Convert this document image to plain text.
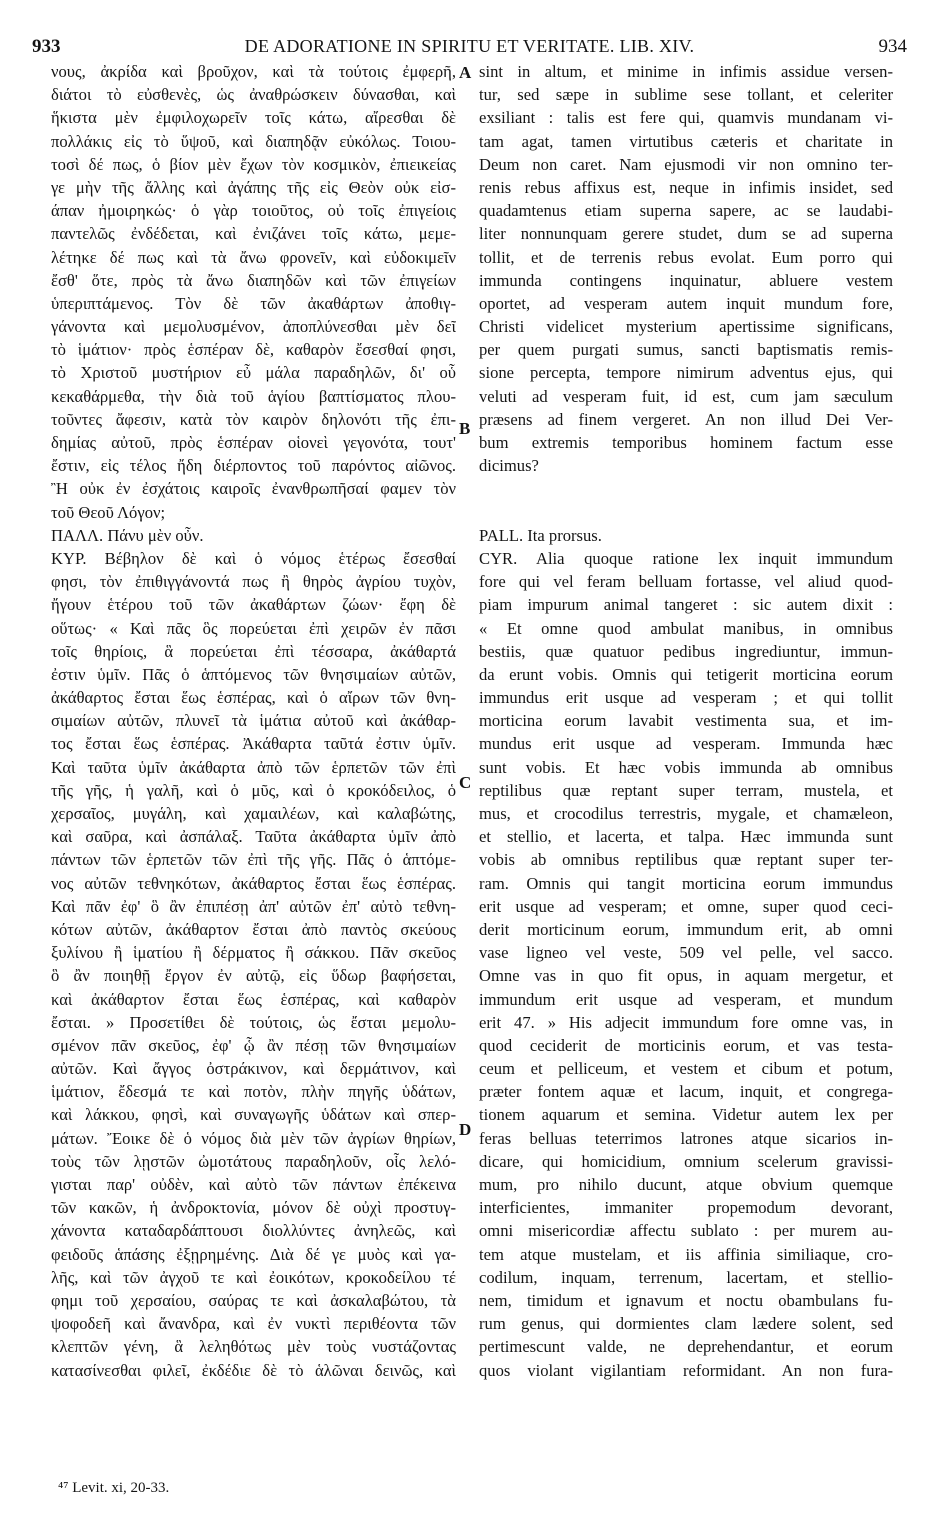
933	DE ADORATIONE IN SPIRITU ET VERITATE. LIB. XIV.	934
νους, ἀκρίδα καὶ βροῦχον, καὶ τὰ τούτοις ἐμφερῆ,
διάτοι τὸ εὐσθενὲς, ὡς ἀναθρώσκειν δύνασθαι, καὶ
ἥκιστα μὲν ἐμφιλοχωρεῖν τοῖς κάτω, αἴρεσθαι δὲ
πολλάκις εἰς τὸ ὕψοῦ, καὶ διαπηδᾷν εὐκόλως. Τοιου-
τοσὶ δέ πως, ὁ βίον μὲν ἔχων τὸν κοσμικὸν, ἐπιεικείας
γε μὴν τῆς ἄλλης καὶ ἀγάπης τῆς εἰς Θεὸν οὐκ εἰσ-
άπαν ἠμοιρηκώς· ὁ γὰρ τοιοῦτος, οὐ τοῖς ἐπιγείοις
παντελῶς ἐνδέδεται, καὶ ἐνιζάνει τοῖς κάτω, μεμε-
λέτηκε δέ πως καὶ τὰ ἄνω φρονεῖν, καὶ εὐδοκιμεῖν
ἔσθ' ὅτε, πρὸς τὰ ἄνω διαπηδῶν καὶ τῶν ἐπιγείων
ὑπεριπτάμενος. Τὸν δὲ τῶν ἀκαθάρτων ἀποθιγ-
γάνοντα καὶ μεμολυσμένον, ἀποπλύνεσθαι μὲν δεῖ
τὸ ἱμάτιον· πρὸς ἑσπέραν δὲ, καθαρὸν ἔσεσθαί φησι,
τὸ Χριστοῦ μυστήριον εὖ μάλα παραδηλῶν, δι' οὗ
κεκαθάρμεθα, τὴν διὰ τοῦ ἁγίου βαπτίσματος πλου-
τοῦντες ἄφεσιν, κατὰ τὸν καιρὸν δηλονότι τῆς ἐπι-
δημίας αὐτοῦ, πρὸς ἑσπέραν οἱονεὶ γεγονότα, τουτ'
ἔστιν, εἰς τέλος ἤδη διέρποντος τοῦ παρόντος αἰῶνος.
Ἢ οὐκ ἐν ἐσχάτοις καιροῖς ἐνανθρωπῆσαί φαμεν τὸν
τοῦ Θεοῦ Λόγον;
ΠΑΛΛ. Πάνυ μὲν οὖν.
ΚΥΡ. Βέβηλον δὲ καὶ ὁ νόμος ἑτέρως ἔσεσθαί
φησι, τὸν ἐπιθιγγάνοντά πως ἢ θηρὸς ἀγρίου τυχὸν,
ἤγουν ἑτέρου τοῦ τῶν ἀκαθάρτων ζώων· ἔφη δὲ
οὕτως· « Καὶ πᾶς ὃς πορεύεται ἐπὶ χειρῶν ἐν πᾶσι
τοῖς θηρίοις, ἃ πορεύεται ἐπὶ τέσσαρα, ἀκάθαρτά
ἐστιν ὑμῖν. Πᾶς ὁ ἁπτόμενος τῶν θνησιμαίων αὐτῶν,
ἀκάθαρτος ἔσται ἕως ἑσπέρας, καὶ ὁ αἴρων τῶν θνη-
σιμαίων αὐτῶν, πλυνεῖ τὰ ἱμάτια αὐτοῦ καὶ ἀκάθαρ-
τος ἔσται ἕως ἑσπέρας. Ἀκάθαρτα ταῦτά ἐστιν ὑμῖν.
Καὶ ταῦτα ὑμῖν ἀκάθαρτα ἀπὸ τῶν ἑρπετῶν τῶν ἐπὶ
τῆς γῆς, ἡ γαλῆ, καὶ ὁ μῦς, καὶ ὁ κροκόδειλος, ὁ
χερσαῖος, μυγάλη, καὶ χαμαιλέων, καὶ καλαβώτης,
καὶ σαῦρα, καὶ ἀσπάλαξ. Ταῦτα ἀκάθαρτα ὑμῖν ἀπὸ
πάντων τῶν ἑρπετῶν τῶν ἐπὶ τῆς γῆς. Πᾶς ὁ ἁπτόμε-
νος αὐτῶν τεθνηκότων, ἀκάθαρτος ἔσται ἕως ἑσπέρας.
Καὶ πᾶν ἐφ' ὃ ἂν ἐπιπέσῃ ἀπ' αὐτῶν ἐπ' αὐτὸ τεθνη-
κότων αὐτῶν, ἀκάθαρτον ἔσται ἀπὸ παντὸς σκεύους
ξυλίνου ἢ ἱματίου ἢ δέρματος ἢ σάκκου. Πᾶν σκεῦος
ὃ ἂν ποιηθῇ ἔργον ἐν αὐτῷ, εἰς ὕδωρ βαφήσεται,
καὶ ἀκάθαρτον ἔσται ἕως ἑσπέρας, καὶ καθαρὸν
ἔσται. » Προσετίθει δὲ τούτοις, ὡς ἔσται μεμολυ-
σμένον πᾶν σκεῦος, ἐφ' ᾧ ἂν πέσῃ τῶν θνησιμαίων
αὐτῶν. Καὶ ἄγγος ὀστράκινον, καὶ δερμάτινον, καὶ
ἱμάτιον, ἔδεσμά τε καὶ ποτὸν, πλὴν πηγῆς ὑδάτων,
καὶ λάκκου, φησὶ, καὶ συναγωγῆς ὑδάτων καὶ σπερ-
μάτων. Ἔοικε δὲ ὁ νόμος διὰ μὲν τῶν ἀγρίων θηρίων,
τοὺς τῶν λῃστῶν ὠμοτάτους παραδηλοῦν, οἷς λελό-
γισται παρ' οὐδὲν, καὶ αὐτὸ τῶν πάντων ἐπέκεινα
τῶν κακῶν, ἡ ἀνδροκτονία, μόνον δὲ οὐχὶ προστυγ-
χάνοντα καταδαρδάπτουσι διολλύντες ἀνηλεῶς, καὶ
φειδοῦς ἁπάσης ἐξῃρημένης. Διὰ δέ γε μυὸς καὶ γα-
λῆς, καὶ τῶν ἀγχοῦ τε καὶ ἐοικότων, κροκοδείλου τέ
φημι τοῦ χερσαίου, σαύρας τε καὶ ἀσκαλαβώτου, τὰ
ψοφοδεῆ καὶ ἄνανδρα, καὶ ἐν νυκτὶ περιθέοντα τῶν
κλεπτῶν γένη, ἃ λεληθότως μὲν τοὺς νυστάζοντας
κατασίνεσθαι φιλεῖ, ἐκδέδιε δὲ τὸ ἁλῶναι δεινῶς, καὶ
sint in altum, et minime in infimis assidue versen-
tur, sed sæpe in sublime sese tollant, et celeriter
exsiliant : talis est fere qui, quamvis mundanam vi-
tam agat, tamen virtutibus cæteris et charitate in
Deum non caret. Nam ejusmodi vir non omnino ter-
renis rebus affixus est, neque in infimis insidet, sed
quadamtenus etiam superna sapere, ac se laudabi-
liter nonnunquam gerere studet, dum se ad superna
tollit, et de terrenis rebus evolat. Eum porro qui
immunda contingens inquinatur, abluere vestem
oportet, ad vesperam autem inquit mundum fore,
Christi videlicet mysterium apertissime significans,
per quem purgati sumus, sancti baptismatis remis-
sione percepta, tempore nimirum adventus ejus, qui
veluti ad vesperam fuit, id est, cum jam sæculum
præsens ad finem vergeret. An non illud Dei Ver-
bum extremis temporibus hominem factum esse
dicimus?
PALL. Ita prorsus.
CYR. Alia quoque ratione lex inquit immundum
fore qui vel feram belluam fortasse, vel aliud quod-
piam impurum animal tangeret : sic autem dixit :
« Et omne quod ambulat manibus, in omnibus
bestiis, quæ quatuor pedibus ingrediuntur, immun-
da erunt vobis. Omnis qui tetigerit morticina eorum
immundus erit usque ad vesperam ; et qui tollit
morticina eorum lavabit vestimenta sua, et im-
mundus erit usque ad vesperam. Immunda hæc
sunt vobis. Et hæc vobis immunda ab omnibus
reptilibus quæ reptant super terram, mustela, et
mus, et crocodilus terrestris, mygale, et chamæleon,
et stellio, et lacerta, et talpa. Hæc immunda sunt
vobis ab omnibus reptilibus quæ reptant super ter-
ram. Omnis qui tangit morticina eorum immundus
erit usque ad vesperam; et omne, super quod ceci-
derit morticinum eorum, immundum erit, ab omni
vase ligneo vel veste, 509 vel pelle, vel sacco.
Omne vas in quo fit opus, in aquam mergetur, et
immundum erit usque ad vesperam, et mundum
erit 47. » His adjecit immundum fore omne vas, in
quod ceciderit de morticinis eorum, et vas testa-
ceum et pelliceum, et vestem et cibum et potum,
præter fontem aquæ et lacum, inquit, et congrega-
tionem aquarum et semina. Videtur autem lex per
feras belluas teterrimos latrones atque sicarios in-
dicare, qui homicidium, omnium scelerum gravissi-
mum, pro nihilo ducunt, atque obvium quemque
interficientes, immaniter propemodum devorant,
omni misericordiæ affectu sublato : per murem au-
tem atque mustelam, et iis affinia similiaque, cro-
codilum, inquam, terrenum, lacertam, et stellio-
nem, timidum et ignavum et noctu obambulans fu-
rum genus, qui dormientes clam lædere solent, sed
pertimescunt valde, ne deprehendantur, et eorum
quos violant vigilantiam reformidant. An non fura-
A
B
C
D
⁴⁷ Levit. xi, 20-33.
